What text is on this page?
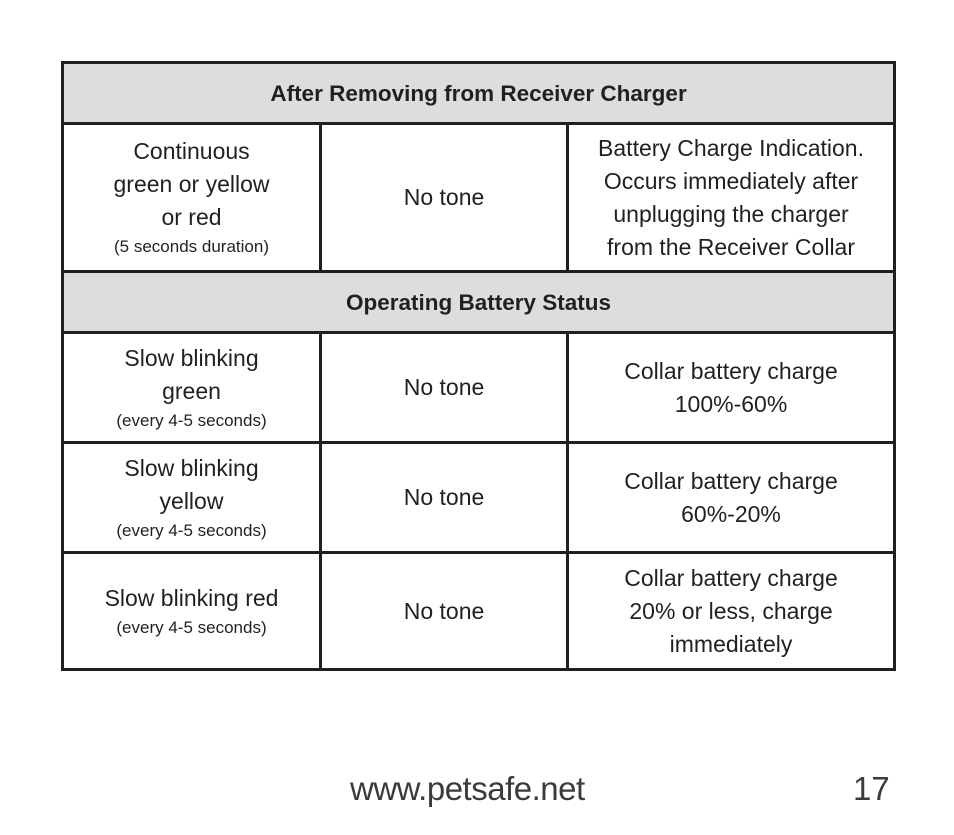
After Removing from Receiver Charger		

Continuous
green or yellow
or red
(5 seconds duration)	No tone	Battery Charge Indication.
Occurs immediately after
unplugging the charger
from the Receiver Collar

Operating Battery Status		

Slow blinking
green
(every 4-5 seconds)	No tone	Collar battery charge
100%-60%

Slow blinking
yellow
(every 4-5 seconds)	No tone	Collar battery charge
60%-20%

Slow blinking red
(every 4-5 seconds)	No tone	Collar battery charge
20% or less, charge
immediately
www.petsafe.net	17
